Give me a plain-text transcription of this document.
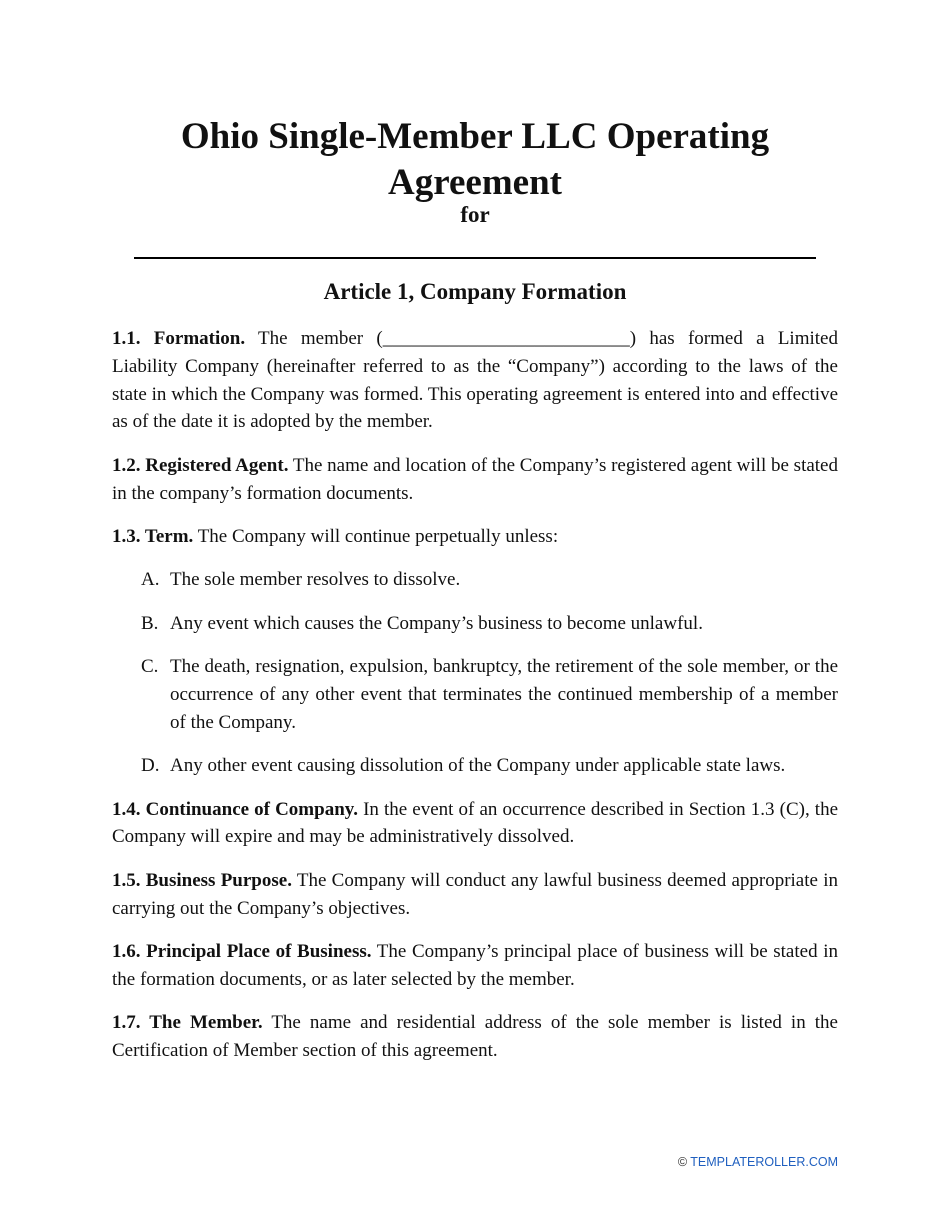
Ohio Single-Member LLC Operating Agreement
for
Article 1, Company Formation

1.1. Formation. The member (__________________________) has formed a Limited Liability Company (hereinafter referred to as the “Company”) according to the laws of the state in which the Company was formed. This operating agreement is entered into and effective as of the date it is adopted by the member.

1.2. Registered Agent. The name and location of the Company’s registered agent will be stated in the company’s formation documents.

1.3. Term. The Company will continue perpetually unless:

A. The sole member resolves to dissolve.
B. Any event which causes the Company’s business to become unlawful.
C. The death, resignation, expulsion, bankruptcy, the retirement of the sole member, or the occurrence of any other event that terminates the continued membership of a member of the Company.
D. Any other event causing dissolution of the Company under applicable state laws.

1.4. Continuance of Company. In the event of an occurrence described in Section 1.3 (C), the Company will expire and may be administratively dissolved.

1.5. Business Purpose. The Company will conduct any lawful business deemed appropriate in carrying out the Company’s objectives.

1.6. Principal Place of Business. The Company’s principal place of business will be stated in the formation documents, or as later selected by the member.

1.7. The Member. The name and residential address of the sole member is listed in the Certification of Member section of this agreement.

© TEMPLATEROLLER.COM
